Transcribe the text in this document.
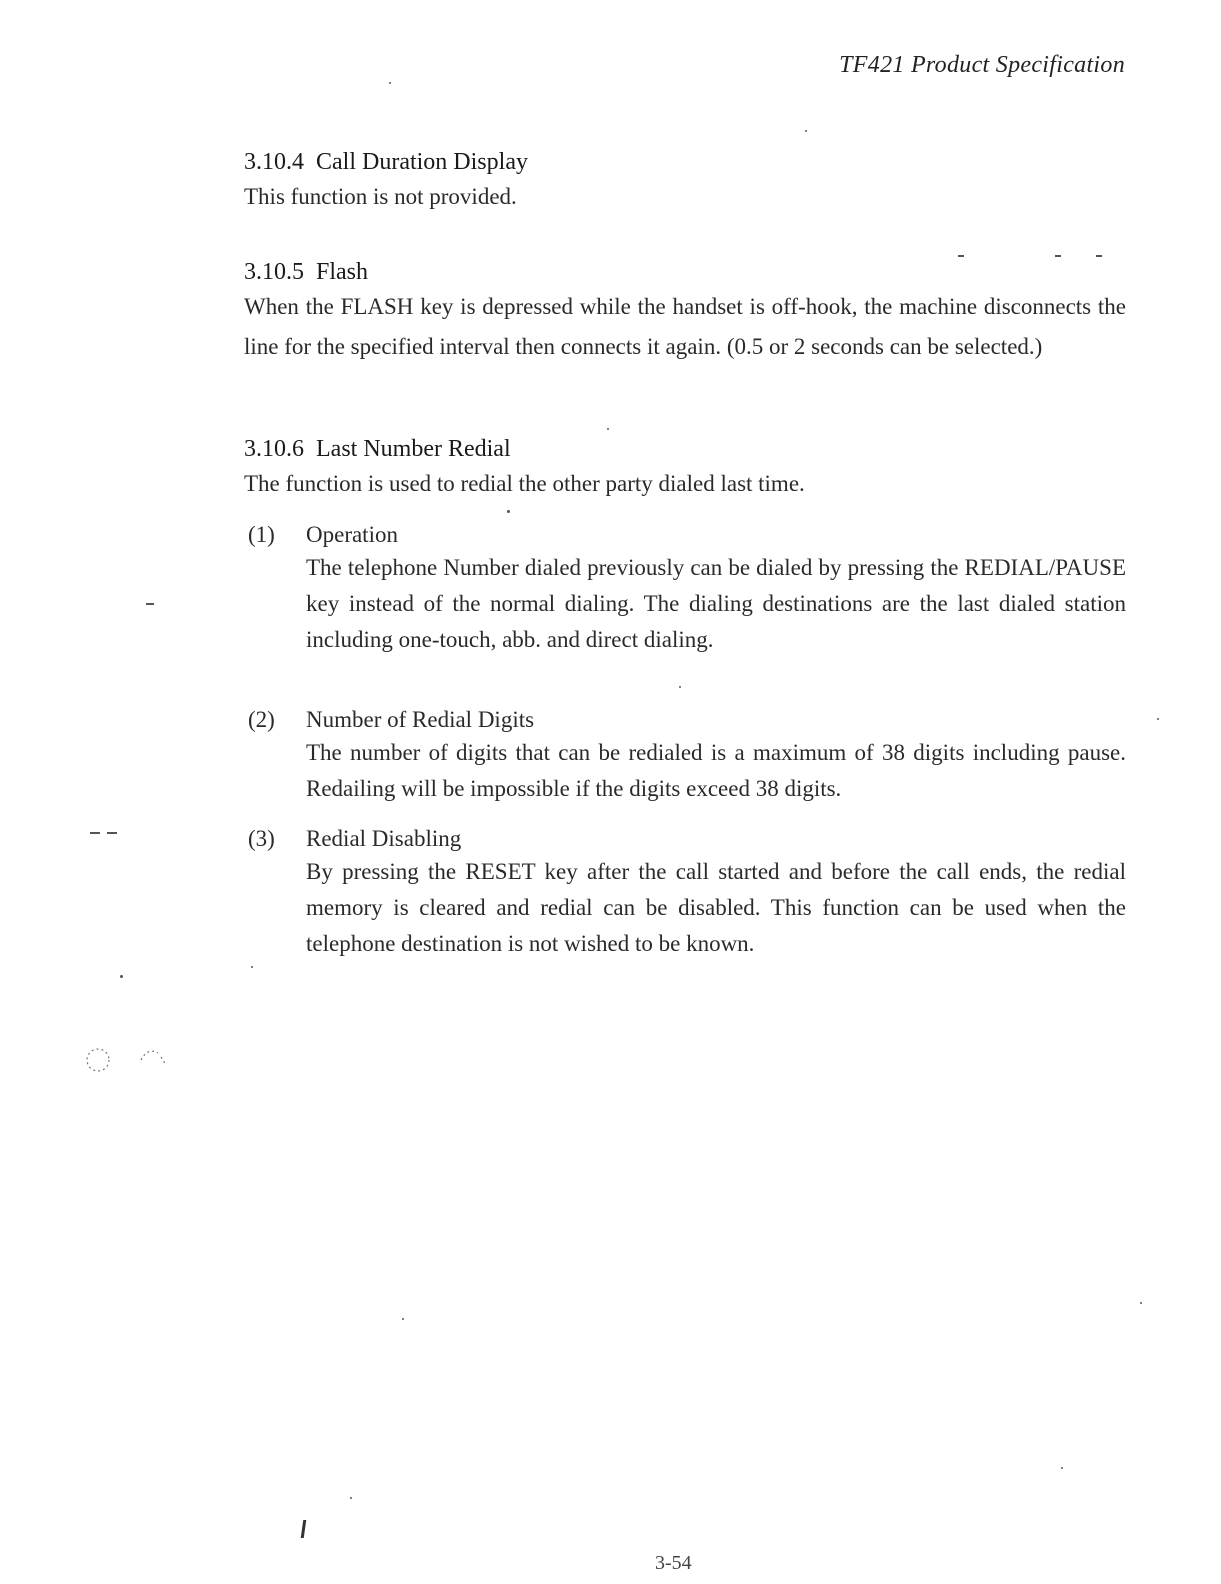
TF421 Product Specification
3.10.4 Call Duration Display

This function is not provided.

3.10.5 Flash

When the FLASH key is depressed while the handset is off-hook, the machine disconnects the line for the specified interval then connects it again. (0.5 or 2 seconds can be selected.)

3.10.6 Last Number Redial

The function is used to redial the other party dialed last time.

(1) Operation

The telephone Number dialed previously can be dialed by pressing the REDIAL/PAUSE key instead of the normal dialing. The dialing destinations are the last dialed station including one-touch, abb. and direct dialing.

(2) Number of Redial Digits

The number of digits that can be redialed is a maximum of 38 digits including pause. Redailing will be impossible if the digits exceed 38 digits.

(3) Redial Disabling

By pressing the RESET key after the call started and before the call ends, the redial memory is cleared and redial can be disabled. This function can be used when the telephone destination is not wished to be known.

3-54
